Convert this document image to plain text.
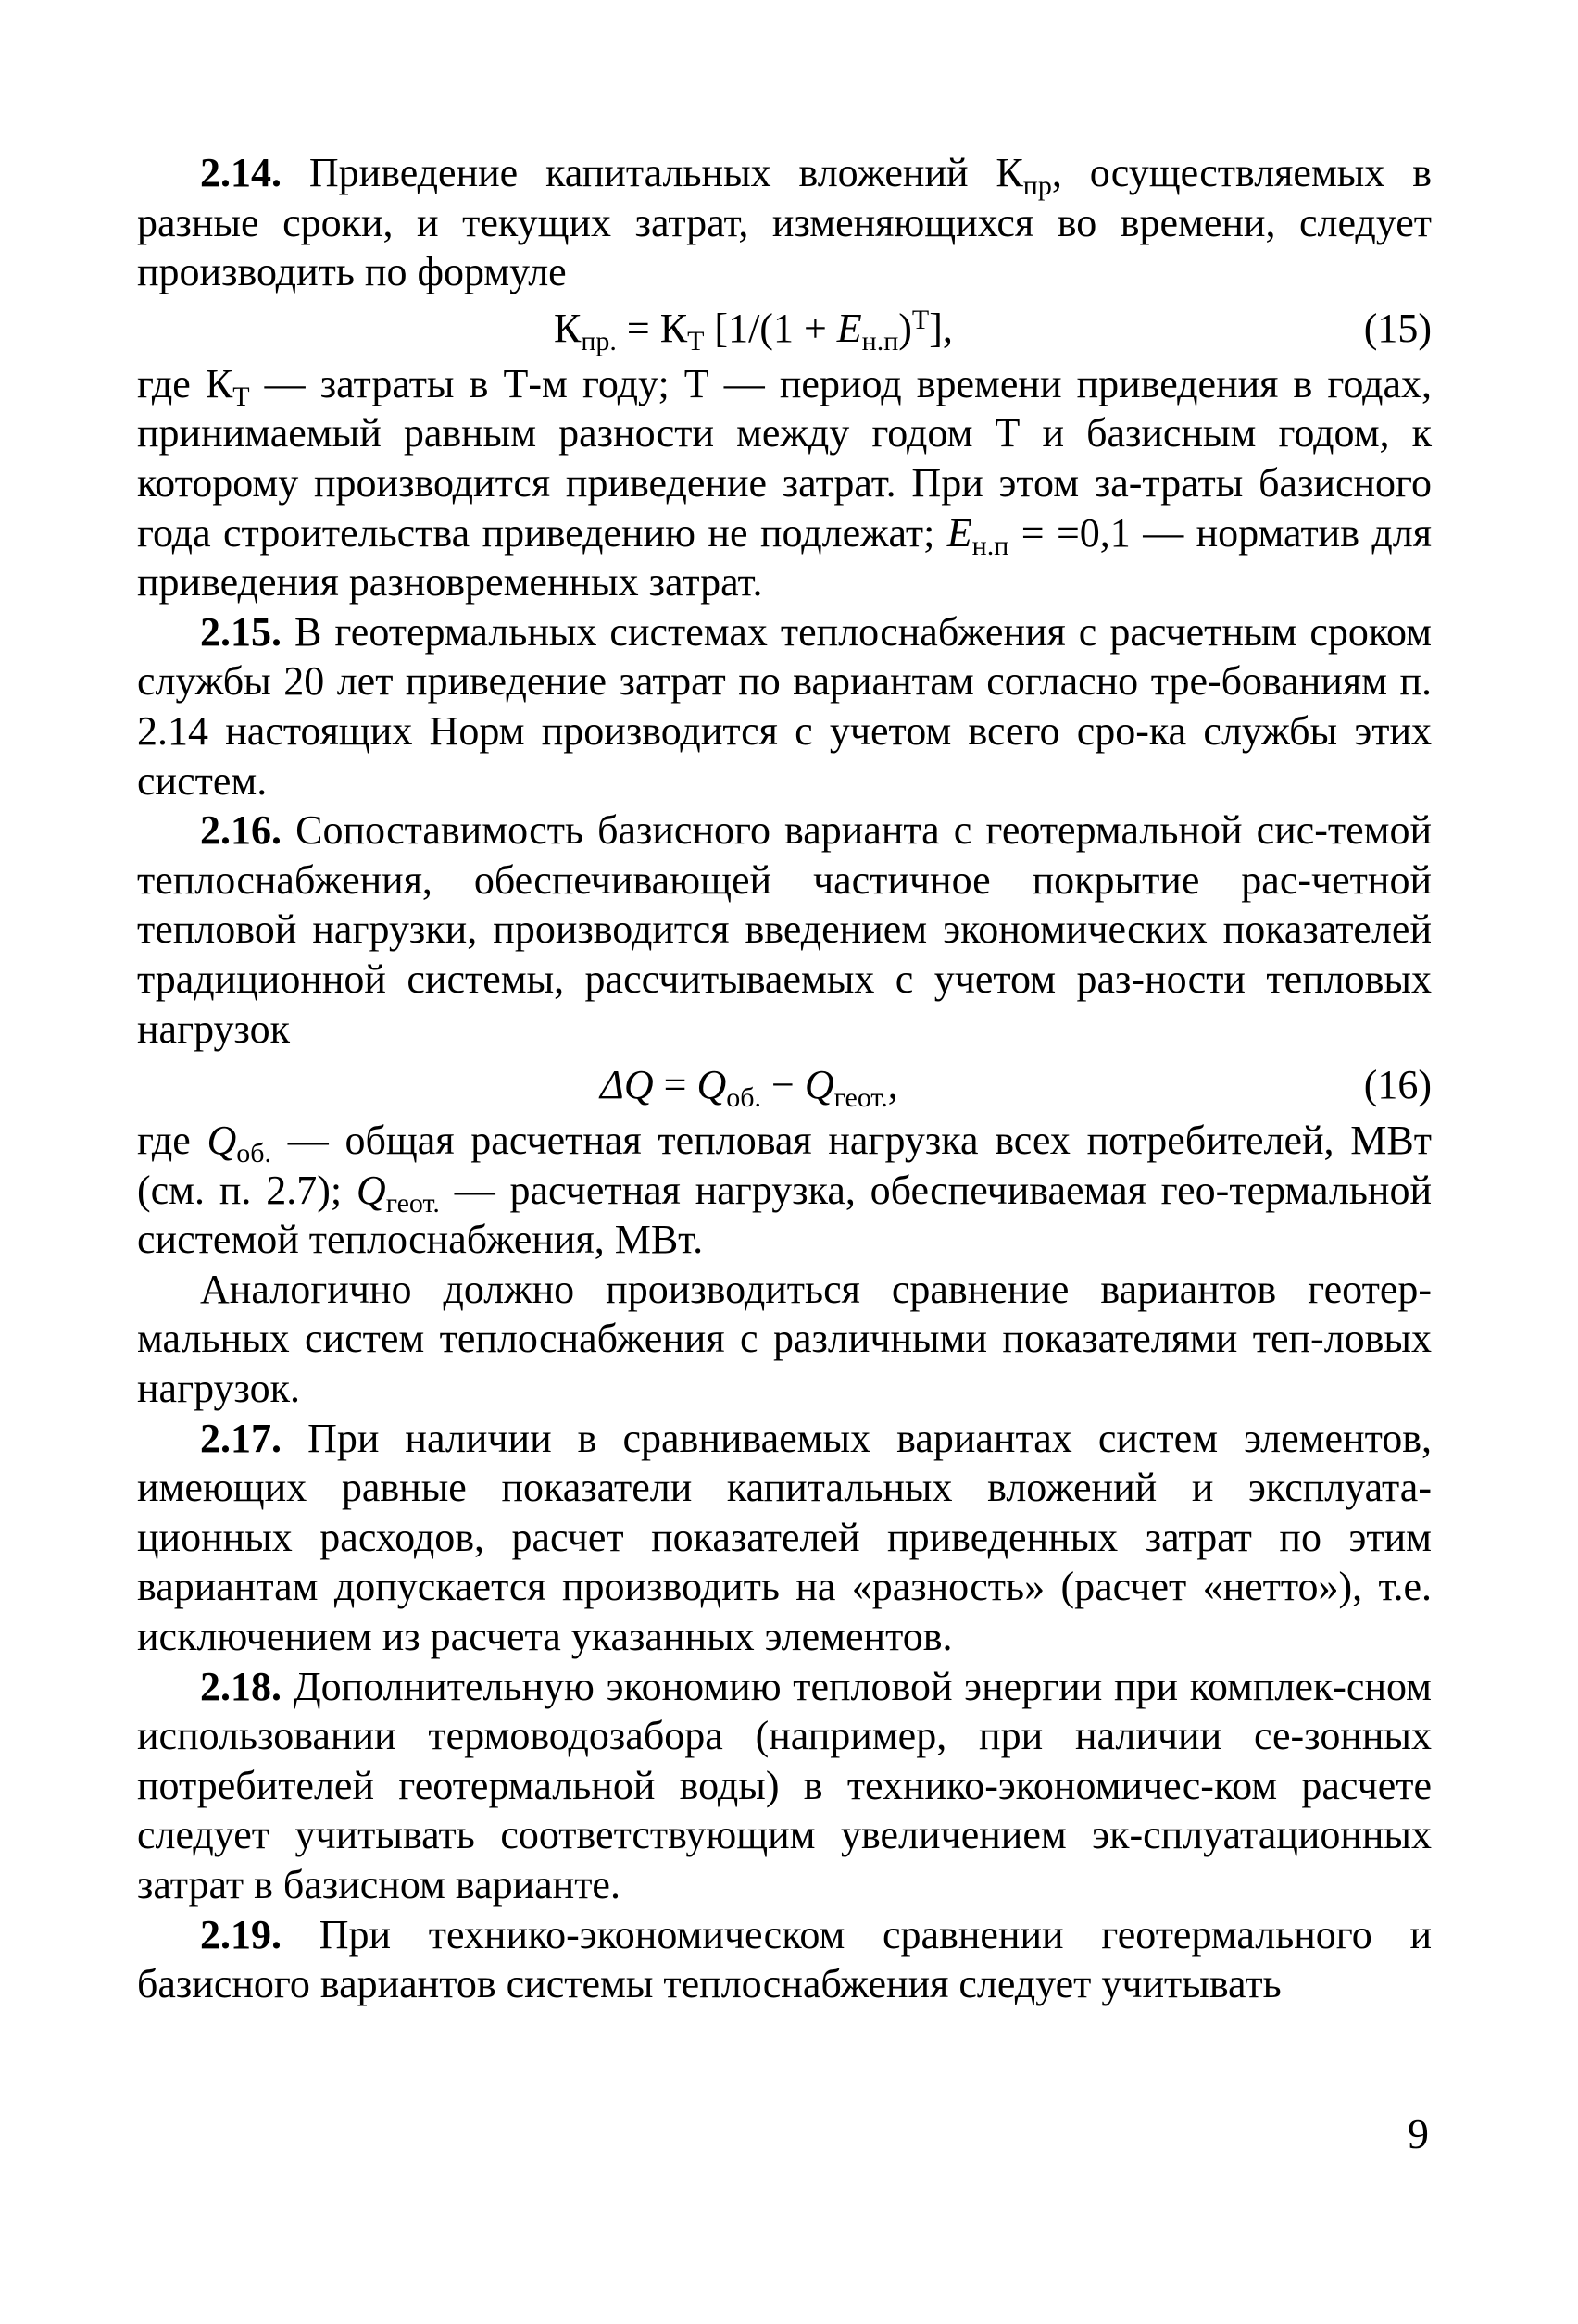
2.14. Приведение капитальных вложений $К_{пр}$, осуществляемых в разные сроки, и текущих затрат, изменяющихся во времени, следует производить по формуле

$К_{пр.} = К_Т$ $[1/(1 + Е_{н.п})^Т]$,	(15)

где $К_Т$ — затраты в Т-м году; Т — период времени приведения в годах, принимаемый равным разности между годом Т и базисным годом, к которому производится приведение затрат. При этом за-траты базисного года строительства приведению не подлежат; $Е_{н.п} = =0,1$ — норматив для приведения разновременных затрат.

2.15. В геотермальных системах теплоснабжения с расчетным сроком службы 20 лет приведение затрат по вариантам согласно тре-бованиям п. 2.14 настоящих Норм производится с учетом всего сро-ка службы этих систем.

2.16. Сопоставимость базисного варианта с геотермальной сис-темой теплоснабжения, обеспечивающей частичное покрытие рас-четной тепловой нагрузки, производится введением экономических показателей традиционной системы, рассчитываемых с учетом раз-ности тепловых нагрузок

$\Delta Q = Q_{об.} - Q_{геот.}$,	(16)

где $Q_{об.}$ — общая расчетная тепловая нагрузка всех потребителей, МВт (см. п. 2.7); $Q_{геот.}$ — расчетная нагрузка, обеспечиваемая гео-термальной системой теплоснабжения, МВт.

Аналогично должно производиться сравнение вариантов геотер-мальных систем теплоснабжения с различными показателями теп-ловых нагрузок.

2.17. При наличии в сравниваемых вариантах систем элементов, имеющих равные показатели капитальных вложений и эксплуата-ционных расходов, расчет показателей приведенных затрат по этим вариантам допускается производить на «разность» (расчет «нетто»), т.е. исключением из расчета указанных элементов.

2.18. Дополнительную экономию тепловой энергии при комплек-сном использовании термоводозабора (например, при наличии се-зонных потребителей геотермальной воды) в технико-экономичес-ком расчете следует учитывать соответствующим увеличением эк-сплуатационных затрат в базисном варианте.

2.19. При технико-экономическом сравнении геотермального и базисного вариантов системы теплоснабжения следует учитывать

9
